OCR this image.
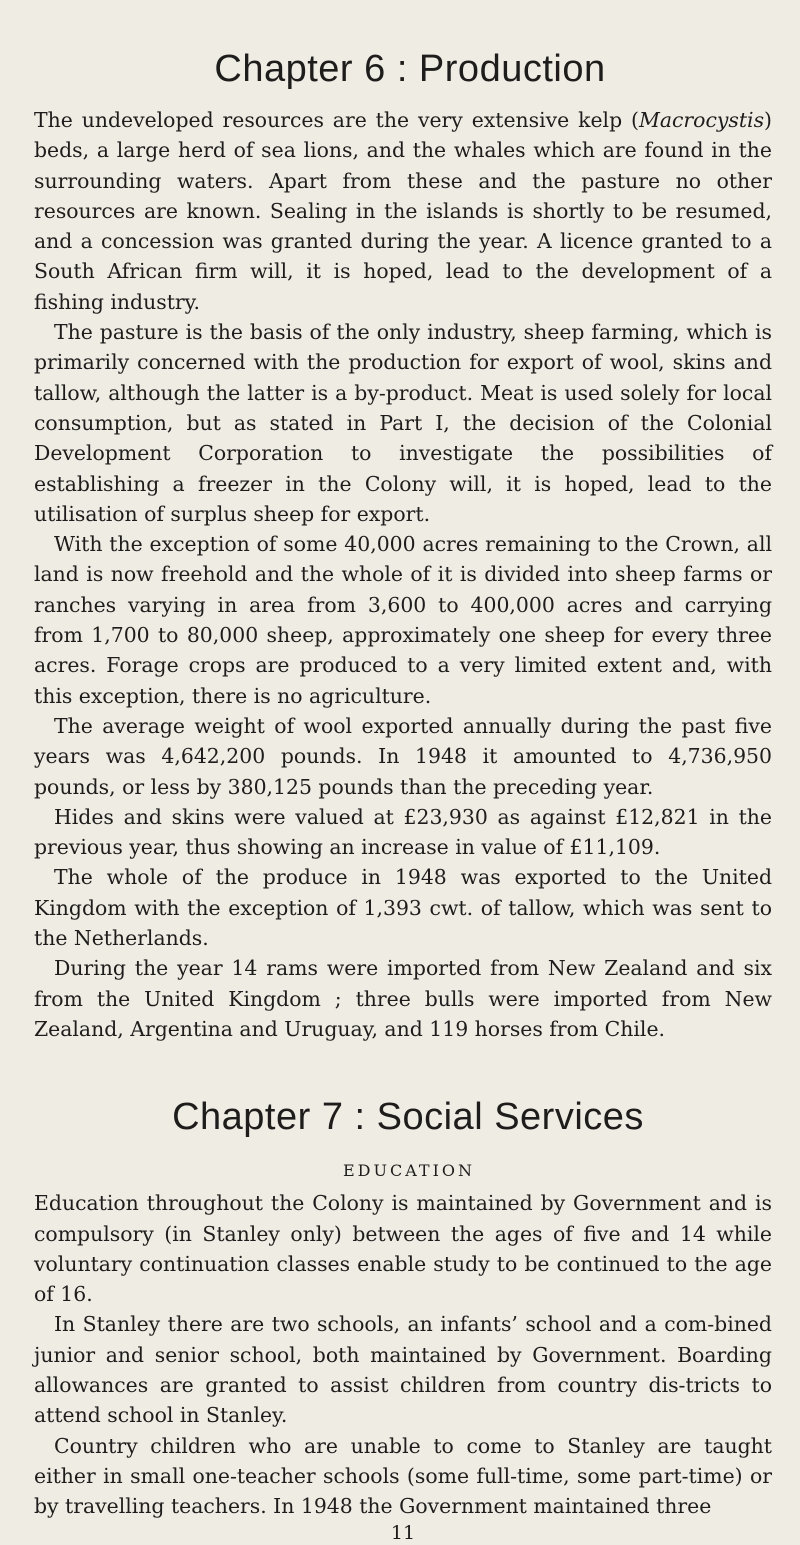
Chapter 6 : Production

The undeveloped resources are the very extensive kelp (Macrocystis) beds, a large herd of sea lions, and the whales which are found in the surrounding waters. Apart from these and the pasture no other resources are known. Sealing in the islands is shortly to be resumed, and a concession was granted during the year. A licence granted to a South African firm will, it is hoped, lead to the development of a fishing industry.

The pasture is the basis of the only industry, sheep farming, which is primarily concerned with the production for export of wool, skins and tallow, although the latter is a by-product. Meat is used solely for local consumption, but as stated in Part I, the decision of the Colonial Development Corporation to investigate the possibilities of establishing a freezer in the Colony will, it is hoped, lead to the utilisation of surplus sheep for export.

With the exception of some 40,000 acres remaining to the Crown, all land is now freehold and the whole of it is divided into sheep farms or ranches varying in area from 3,600 to 400,000 acres and carrying from 1,700 to 80,000 sheep, approximately one sheep for every three acres. Forage crops are produced to a very limited extent and, with this exception, there is no agriculture.

The average weight of wool exported annually during the past five years was 4,642,200 pounds. In 1948 it amounted to 4,736,950 pounds, or less by 380,125 pounds than the preceding year.

Hides and skins were valued at £23,930 as against £12,821 in the previous year, thus showing an increase in value of £11,109.

The whole of the produce in 1948 was exported to the United Kingdom with the exception of 1,393 cwt. of tallow, which was sent to the Netherlands.

During the year 14 rams were imported from New Zealand and six from the United Kingdom ; three bulls were imported from New Zealand, Argentina and Uruguay, and 119 horses from Chile.

Chapter 7 : Social Services
EDUCATION

Education throughout the Colony is maintained by Government and is compulsory (in Stanley only) between the ages of five and 14 while voluntary continuation classes enable study to be continued to the age of 16.

In Stanley there are two schools, an infants’ school and a com-bined junior and senior school, both maintained by Government. Boarding allowances are granted to assist children from country dis-tricts to attend school in Stanley.

Country children who are unable to come to Stanley are taught either in small one-teacher schools (some full-time, some part-time) or by travelling teachers. In 1948 the Government maintained three

11
